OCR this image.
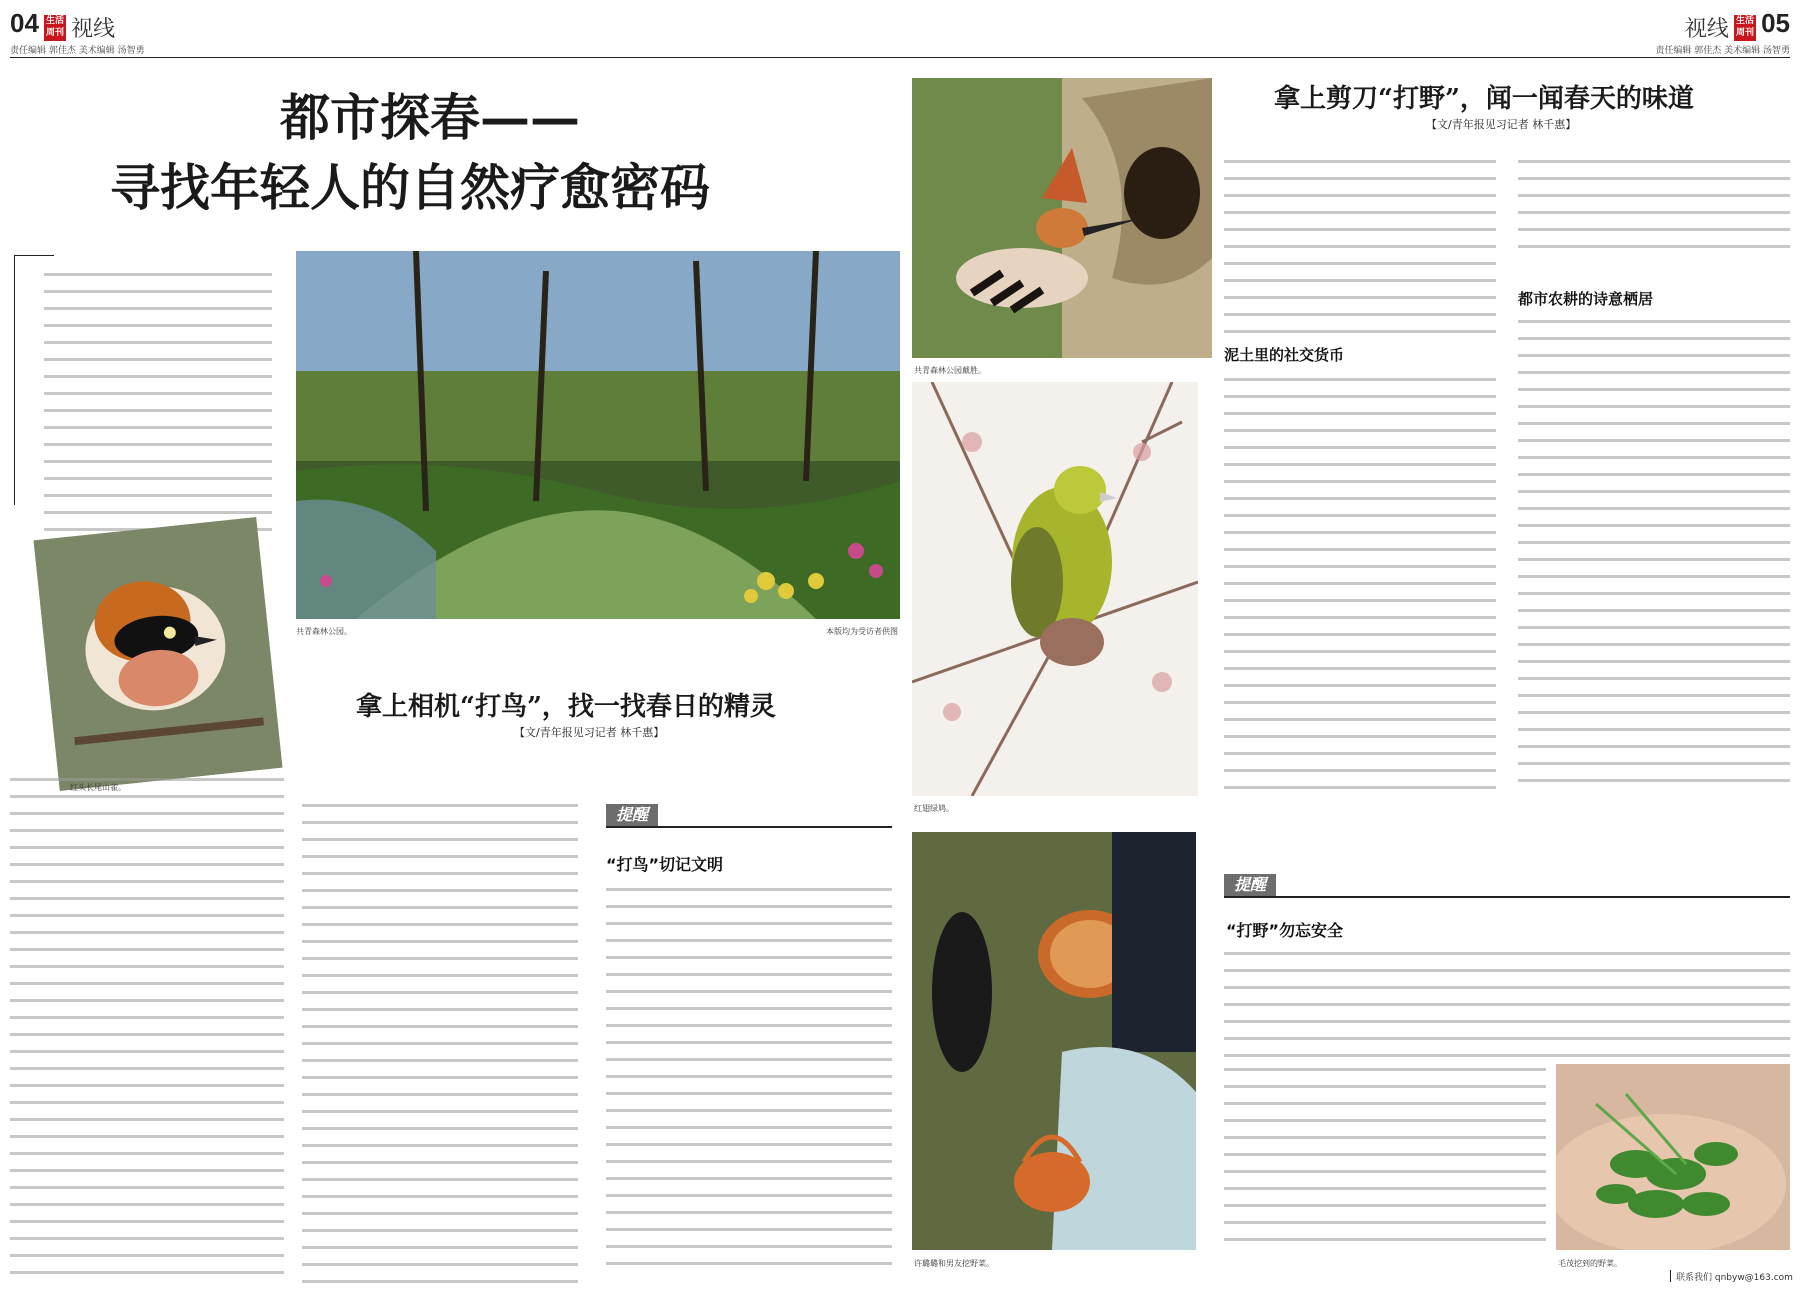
04 生活周刊 视线
责任编辑 郭佳杰 美术编辑 汤智勇
视线 生活周刊 05
责任编辑 郭佳杰 美术编辑 汤智勇
都市探春——
寻找年轻人的自然疗愈密码
红头长尾山雀。
共青森林公园。	本版均为受访者供图
拿上相机“打鸟”，找一找春日的精灵
【文/青年报见习记者 林千惠】
提醒
“打鸟”切记文明
共青森林公园戴胜。
红翅绿鸠。
许璐璐和男友挖野菜。
拿上剪刀“打野”，闻一闻春天的味道
【文/青年报见习记者 林千惠】
泥土里的社交货币
都市农耕的诗意栖居
提醒
“打野”勿忘安全
毛茂挖到的野菜。
联系我们 qnbyw@163.com
